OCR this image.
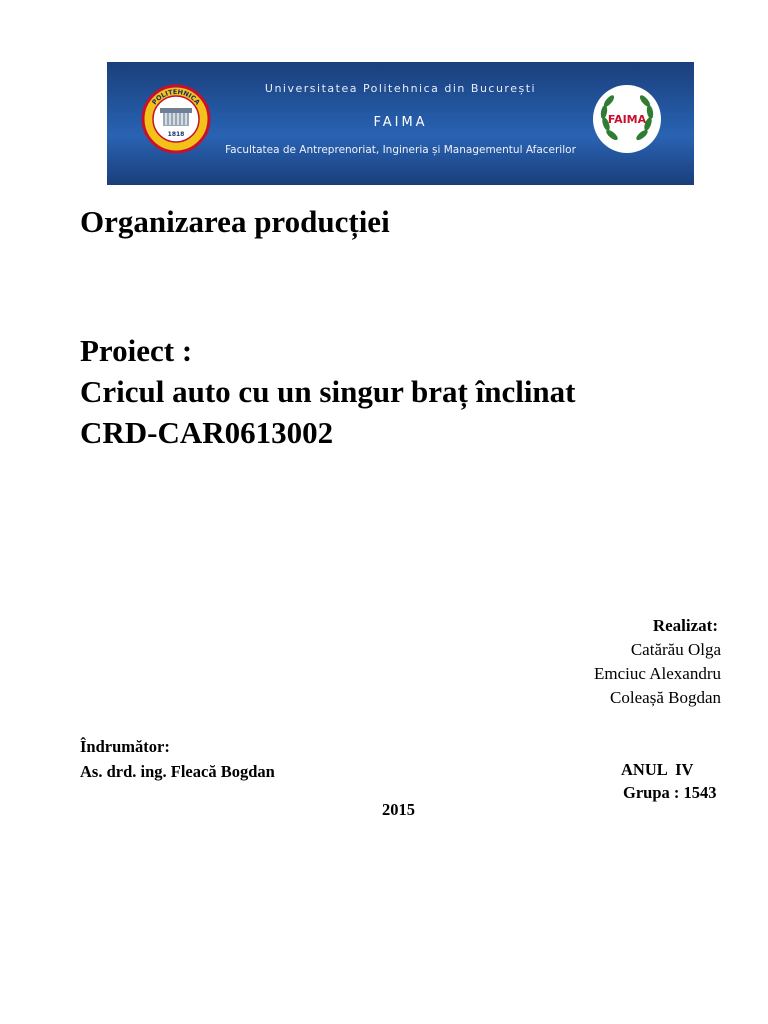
POLITEHNICA
1818
Universitatea Politehnica din București
FAIMA
Facultatea de Antreprenoriat, Ingineria și Managementul Afacerilor
FAIMA
Organizarea producției
Proiect :
Cricul auto cu un singur braț înclinat
CRD-CAR0613002
Realizat:
Catărău Olga
Emciuc Alexandru
Coleașă Bogdan
Îndrumător:
As. drd. ing. Fleacă Bogdan	ANUL  IV
Grupa : 1543
2015
